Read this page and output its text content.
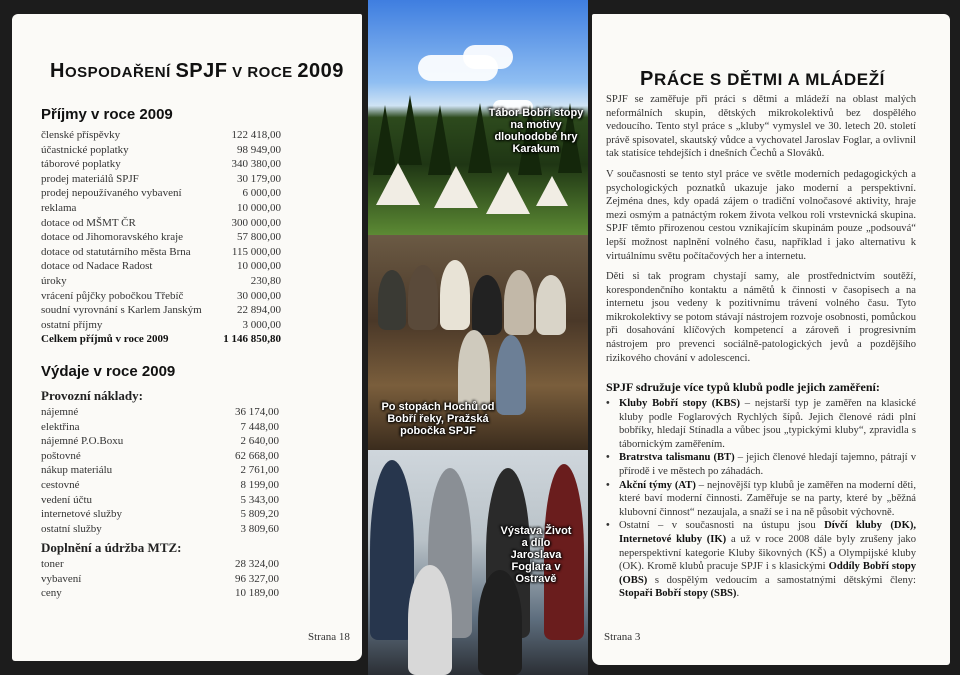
HOSPODAŘENÍ SPJF V ROCE 2009
Příjmy v roce 2009
členské příspěvky	122 418,00
účastnické poplatky	98 949,00
táborové poplatky	340 380,00
prodej materiálů SPJF	30 179,00
prodej nepoužívaného vybavení	6 000,00
reklama	10 000,00
dotace od MŠMT ČR	300 000,00
dotace od Jihomoravského kraje	57 800,00
dotace od statutárního města Brna	115 000,00
dotace od Nadace Radost	10 000,00
úroky	230,80
vrácení půjčky pobočkou Třebíč	30 000,00
soudní vyrovnání s Karlem Janským	22 894,00
ostatní příjmy	3 000,00
Celkem příjmů v roce 2009	1 146 850,80
Výdaje v roce 2009
Provozní náklady:
nájemné	36 174,00
elektřina	7 448,00
nájemné P.O.Boxu	2 640,00
poštovné	62 668,00
nákup materiálu	2 761,00
cestovné	8 199,00
vedení účtu	5 343,00
internetové služby	5 809,20
ostatní služby	3 809,60
Doplnění a údržba MTZ:
toner	28 324,00
vybavení	96 327,00
ceny	10 189,00
Strana 18
Tábor Bobří stopy na motivy dlouhodobé hry Karakum
Po stopách Hochů od Bobří řeky, Pražská pobočka SPJF
Výstava Život a dílo Jaroslava Foglara v Ostravě
PRÁCE S DĚTMI A MLÁDEŽÍ
SPJF se zaměřuje při práci s dětmi a mládeží na oblast malých neformálních skupin, dětských mikrokolektivů bez dospělého vedoucího. Tento styl práce s „kluby“ vymyslel ve 30. letech 20. století právě spisovatel, skautský vůdce a vychovatel Jaroslav Foglar, a ovlivnil tak statisíce tehdejších i dnešních Čechů a Slováků.
V současnosti se tento styl práce ve světle moderních pedagogických a psychologických poznatků ukazuje jako moderní a perspektivní. Zejména dnes, kdy opadá zájem o tradiční volnočasové aktivity, hraje mezi osmým a patnáctým rokem života velkou roli vrstevnická skupina. SPJF těmto přirozenou cestou vznikajícím skupinám pouze „podsouvá“ lepší možnost naplnění volného času, například i jako alternativu k virtuálnímu světu počítačových her a internetu.
Děti si tak program chystají samy, ale prostřednictvím soutěží, korespondenčního kontaktu a námětů k činnosti v časopisech a na internetu jsou vedeny k pozitivnímu trávení volného času. Tyto mikrokolektivy se potom stávají nástrojem rozvoje osobnosti, pomůckou při dosahování klíčových kompetencí a zároveň i progresivním nástrojem pro prevenci sociálně-patologických jevů a pozdějšího rizikového chování v adolescenci.
SPJF sdružuje více typů klubů podle jejich zaměření:
• Kluby Bobří stopy (KBS) – nejstarší typ je zaměřen na klasické kluby podle Foglarových Rychlých šípů. Jejich členové rádi plní bobříky, hledají Stínadla a vůbec jsou „typickými kluby“, zpravidla s tábornickým zaměřením.
• Bratrstva talismanu (BT) – jejich členové hledají tajemno, pátrají v přírodě i ve městech po záhadách.
• Akční týmy (AT) – nejnovější typ klubů je zaměřen na moderní děti, které baví moderní činnosti. Zaměřuje se na party, které by „běžná klubovní činnost“ nezaujala, a snaží se i na ně působit výchovně.
• Ostatní – v současnosti na ústupu jsou Dívčí kluby (DK), Internetové kluby (IK) a už v roce 2008 dále byly zrušeny jako neperspektivní kategorie Kluby šikovných (KŠ) a Olympijské kluby (OK). Kromě klubů pracuje SPJF i s klasickými Oddíly Bobří stopy (OBS) s dospělým vedoucím a samostatnými dětskými členy: Stopaři Bobří stopy (SBS).
Strana 3
